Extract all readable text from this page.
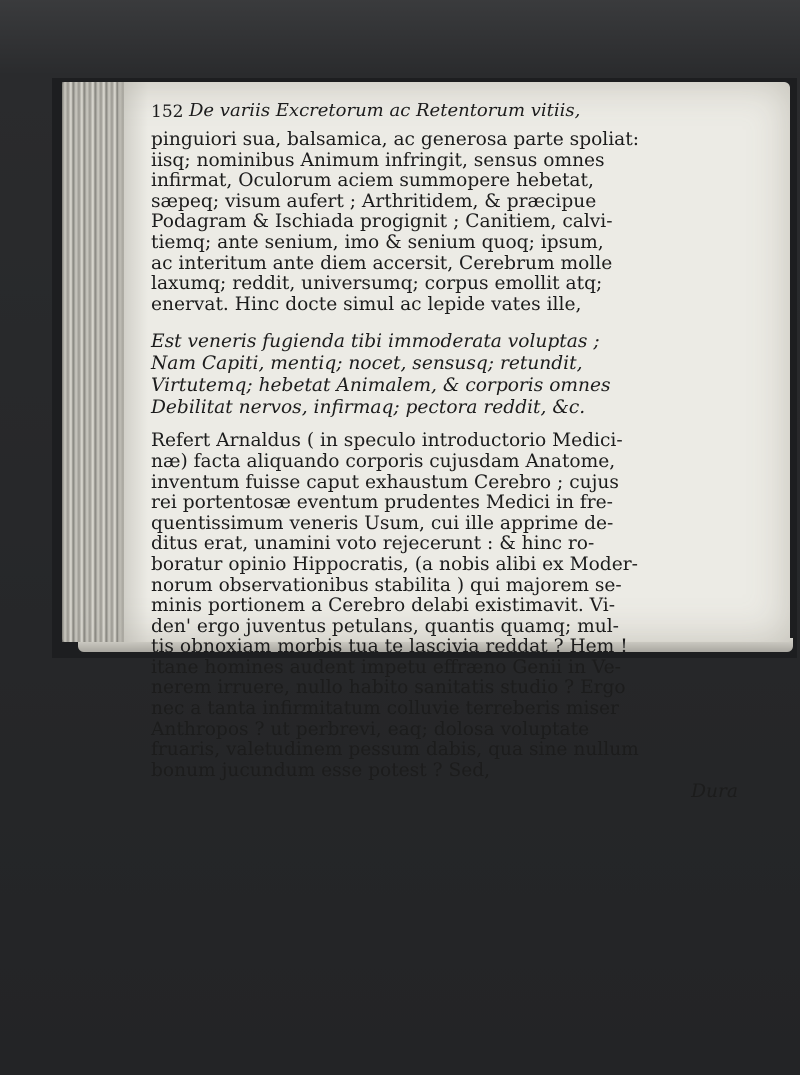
152 De variis Excretorum ac Retentorum vitiis,
pinguiori sua, balsamica, ac generosa parte spoliat:
iisq; nominibus Animum infringit, sensus omnes
infirmat, Oculorum aciem summopere hebetat,
sæpeq; visum aufert ; Arthritidem, & præcipue
Podagram & Ischiada progignit ; Canitiem, calvi-
tiemq; ante senium, imo & senium quoq; ipsum,
ac interitum ante diem accersit, Cerebrum molle
laxumq; reddit, universumq; corpus emollit atq;
enervat. Hinc docte simul ac lepide vates ille,
Est veneris fugienda tibi immoderata voluptas ;
Nam Capiti, mentiq; nocet, sensusq; retundit,
Virtutemq; hebetat Animalem, & corporis omnes
Debilitat nervos, infirmaq; pectora reddit, &c.
Refert Arnaldus ( in speculo introductorio Medici-
næ) facta aliquando corporis cujusdam Anatome,
inventum fuisse caput exhaustum Cerebro ; cujus
rei portentosæ eventum prudentes Medici in fre-
quentissimum veneris Usum, cui ille apprime de-
ditus erat, unamini voto rejecerunt : & hinc ro-
boratur opinio Hippocratis, (a nobis alibi ex Moder-
norum observationibus stabilita ) qui majorem se-
minis portionem a Cerebro delabi existimavit. Vi-
den' ergo juventus petulans, quantis quamq; mul-
tis obnoxiam morbis tua te lascivia reddat ? Hem !
itane homines audent impetu effræno Genii in Ve-
nerem irruere, nullo habito sanitatis studio ? Ergo
nec a tanta infirmitatum colluvie terreberis miser
Anthropos ? ut perbrevi, eaq; dolosa voluptate
fruaris, valetudinem pessum dabis, qua sine nullum
bonum jucundum esse potest ? Sed,
Dura
